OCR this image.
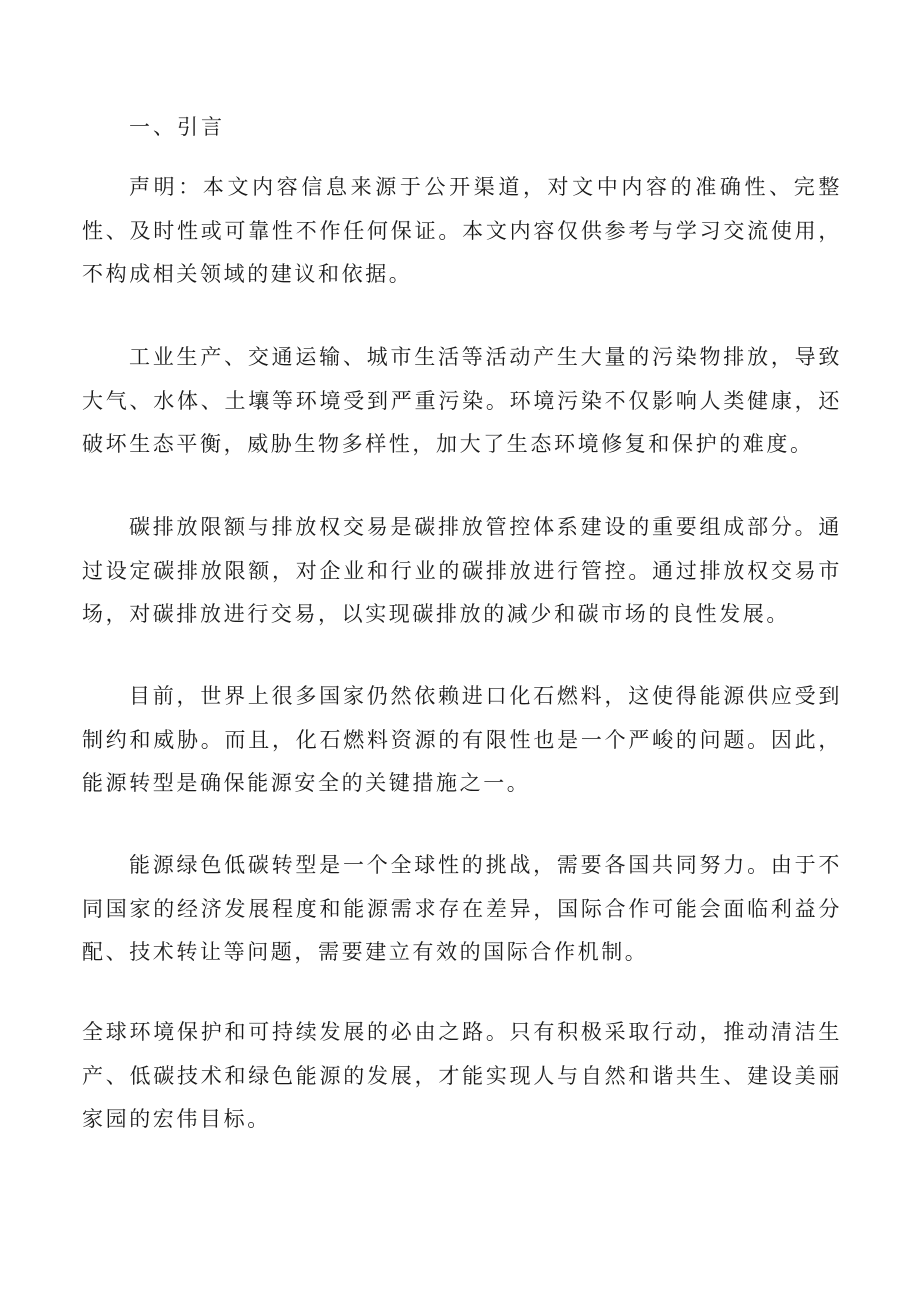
一、引言

声明：本文内容信息来源于公开渠道，对文中内容的准确性、完整性、及时性或可靠性不作任何保证。本文内容仅供参考与学习交流使用，不构成相关领域的建议和依据。

工业生产、交通运输、城市生活等活动产生大量的污染物排放，导致大气、水体、土壤等环境受到严重污染。环境污染不仅影响人类健康，还破坏生态平衡，威胁生物多样性，加大了生态环境修复和保护的难度。

碳排放限额与排放权交易是碳排放管控体系建设的重要组成部分。通过设定碳排放限额，对企业和行业的碳排放进行管控。通过排放权交易市场，对碳排放进行交易，以实现碳排放的减少和碳市场的良性发展。

目前，世界上很多国家仍然依赖进口化石燃料，这使得能源供应受到制约和威胁。而且，化石燃料资源的有限性也是一个严峻的问题。因此，能源转型是确保能源安全的关键措施之一。

能源绿色低碳转型是一个全球性的挑战，需要各国共同努力。由于不同国家的经济发展程度和能源需求存在差异，国际合作可能会面临利益分配、技术转让等问题，需要建立有效的国际合作机制。

全球环境保护和可持续发展的必由之路。只有积极采取行动，推动清洁生产、低碳技术和绿色能源的发展，才能实现人与自然和谐共生、建设美丽家园的宏伟目标。
